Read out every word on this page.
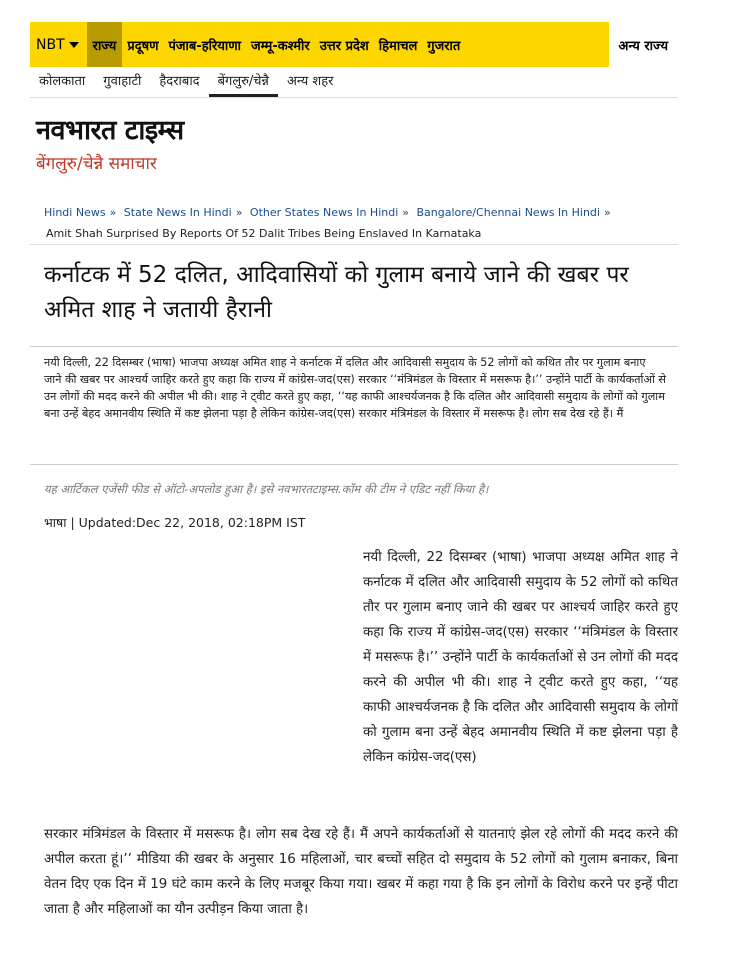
NBT	राज्य प्रदूषण पंजाब-हरियाणा जम्मू-कश्मीर उत्तर प्रदेश हिमाचल गुजरात	अन्य राज्य
कोलकाता	गुवाहाटी	हैदराबाद	बेंगलुरु/चेन्नै	अन्य शहर
नवभारत टाइम्स
बेंगलुरु/चेन्नै समाचार
Hindi News » State News In Hindi » Other States News In Hindi » Bangalore/Chennai News In Hindi »
Amit Shah Surprised By Reports Of 52 Dalit Tribes Being Enslaved In Karnataka
कर्नाटक में 52 दलित, आदिवासियों को गुलाम बनाये जाने की खबर पर अमित शाह ने जतायी हैरानी

नयी दिल्ली, 22 दिसम्बर (भाषा) भाजपा अध्यक्ष अमित शाह ने कर्नाटक में दलित और आदिवासी समुदाय के 52 लोगों को कथित तौर पर गुलाम बनाए जाने की खबर पर आश्चर्य जाहिर करते हुए कहा कि राज्य में कांग्रेस-जद(एस) सरकार ‘‘मंत्रिमंडल के विस्तार में मसरूफ है।’’ उन्होंने पार्टी के कार्यकर्ताओं से उन लोगों की मदद करने की अपील भी की। शाह ने ट्वीट करते हुए कहा, ‘‘यह काफी आश्चर्यजनक है कि दलित और आदिवासी समुदाय के लोगों को गुलाम बना उन्हें बेहद अमानवीय स्थिति में कष्ट झेलना पड़ा है लेकिन कांग्रेस-जद(एस) सरकार मंत्रिमंडल के विस्तार में मसरूफ है। लोग सब देख रहे हैं। मैं

यह आर्टिकल एजेंसी फीड से ऑटो-अपलोड हुआ है। इसे नवभारतटाइम्स.कॉम की टीम ने एडिट नहीं किया है।
भाषा | Updated:Dec 22, 2018, 02:18PM IST

नयी दिल्ली, 22 दिसम्बर (भाषा) भाजपा अध्यक्ष अमित शाह ने कर्नाटक में दलित और आदिवासी समुदाय के 52 लोगों को कथित तौर पर गुलाम बनाए जाने की खबर पर आश्चर्य जाहिर करते हुए कहा कि राज्य में कांग्रेस-जद(एस) सरकार ‘‘मंत्रिमंडल के विस्तार में मसरूफ है।’’ उन्होंने पार्टी के कार्यकर्ताओं से उन लोगों की मदद करने की अपील भी की। शाह ने ट्वीट करते हुए कहा, ‘‘यह काफी आश्चर्यजनक है कि दलित और आदिवासी समुदाय के लोगों को गुलाम बना उन्हें बेहद अमानवीय स्थिति में कष्ट झेलना पड़ा है लेकिन कांग्रेस-जद(एस)

सरकार मंत्रिमंडल के विस्तार में मसरूफ है। लोग सब देख रहे हैं। मैं अपने कार्यकर्ताओं से यातनाएं झेल रहे लोगों की मदद करने की अपील करता हूं।’’ मीडिया की खबर के अनुसार 16 महिलाओं, चार बच्चों सहित दो समुदाय के 52 लोगों को गुलाम बनाकर, बिना वेतन दिए एक दिन में 19 घंटे काम करने के लिए मजबूर किया गया। खबर में कहा गया है कि इन लोगों के विरोध करने पर इन्हें पीटा जाता है और महिलाओं का यौन उत्पीड़न किया जाता है।
